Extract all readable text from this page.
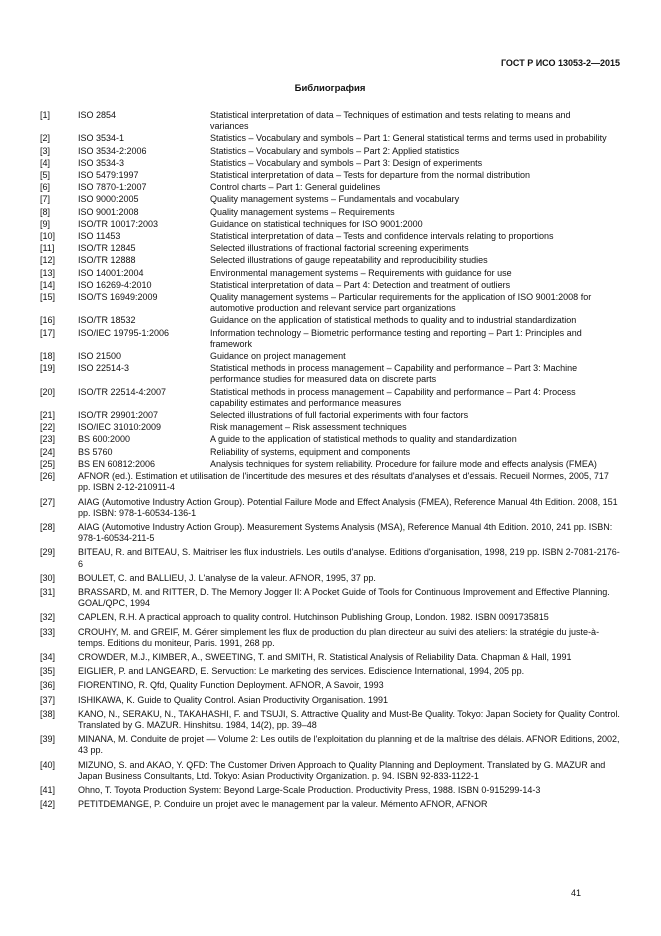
ГОСТ Р ИСО 13053-2—2015
Библиография
[1]	ISO 2854	Statistical interpretation of data – Techniques of estimation and tests relating to means and variances
[2]	ISO 3534-1	Statistics – Vocabulary and symbols – Part 1: General statistical terms and terms used in probability
[3]	ISO 3534-2:2006	Statistics – Vocabulary and symbols – Part 2: Applied statistics
[4]	ISO 3534-3	Statistics – Vocabulary and symbols – Part 3: Design of experiments
[5]	ISO 5479:1997	Statistical interpretation of data – Tests for departure from the normal distribution
[6]	ISO 7870-1:2007	Control charts – Part 1: General guidelines
[7]	ISO 9000:2005	Quality management systems – Fundamentals and vocabulary
[8]	ISO 9001:2008	Quality management systems – Requirements
[9]	ISO/TR 10017:2003	Guidance on statistical techniques for ISO 9001:2000
[10]	ISO 11453	Statistical interpretation of data – Tests and confidence intervals relating to proportions
[11]	ISO/TR 12845	Selected illustrations of fractional factorial screening experiments
[12]	ISO/TR 12888	Selected illustrations of gauge repeatability and reproducibility studies
[13]	ISO 14001:2004	Environmental management systems – Requirements with guidance for use
[14]	ISO 16269-4:2010	Statistical interpretation of data – Part 4: Detection and treatment of outliers
[15]	ISO/TS 16949:2009	Quality management systems – Particular requirements for the application of ISO 9001:2008 for automotive production and relevant service part organizations
[16]	ISO/TR 18532	Guidance on the application of statistical methods to quality and to industrial standardization
[17]	ISO/IEC 19795-1:2006	Information technology – Biometric performance testing and reporting – Part 1: Principles and framework
[18]	ISO 21500	Guidance on project management
[19]	ISO 22514-3	Statistical methods in process management – Capability and performance – Part 3: Machine performance studies for measured data on discrete parts
[20]	ISO/TR 22514-4:2007	Statistical methods in process management – Capability and performance – Part 4: Process capability estimates and performance measures
[21]	ISO/TR 29901:2007	Selected illustrations of full factorial experiments with four factors
[22]	ISO/IEC 31010:2009	Risk management – Risk assessment techniques
[23]	BS 600:2000	A guide to the application of statistical methods to quality and standardization
[24]	BS 5760	Reliability of systems, equipment and components
[25]	BS EN 60812:2006	Analysis techniques for system reliability. Procedure for failure mode and effects analysis (FMEA)
[26]	AFNOR (ed.). Estimation et utilisation de l'incertitude des mesures et des résultats d'analyses et d'essais. Recueil Normes, 2005, 717 pp. ISBN 2-12-210911-4
[27]	AIAG (Automotive Industry Action Group). Potential Failure Mode and Effect Analysis (FMEA), Reference Manual 4th Edition. 2008, 151 pp. ISBN: 978-1-60534-136-1
[28]	AIAG (Automotive Industry Action Group). Measurement Systems Analysis (MSA), Reference Manual 4th Edition. 2010, 241 pp. ISBN: 978-1-60534-211-5
[29]	BITEAU, R. and BITEAU, S. Maitriser les flux industriels. Les outils d'analyse. Editions d'organisation, 1998, 219 pp. ISBN 2-7081-2176-6
[30]	BOULET, C. and BALLIEU, J. L'analyse de la valeur. AFNOR, 1995, 37 pp.
[31]	BRASSARD, M. and RITTER, D. The Memory Jogger II: A Pocket Guide of Tools for Continuous Improvement and Effective Planning. GOAL/QPC, 1994
[32]	CAPLEN, R.H. A practical approach to quality control. Hutchinson Publishing Group, London. 1982. ISBN 0091735815
[33]	CROUHY, M. and GREIF, M. Gérer simplement les flux de production du plan directeur au suivi des ateliers: la stratégie du juste-à-temps. Editions du moniteur, Paris. 1991, 268 pp.
[34]	CROWDER, M.J., KIMBER, A., SWEETING, T. and SMITH, R. Statistical Analysis of Reliability Data. Chapman & Hall, 1991
[35]	EIGLIER, P. and LANGEARD, E. Servuction: Le marketing des services. Ediscience International, 1994, 205 pp.
[36]	FIORENTINO, R. Qfd, Quality Function Deployment. AFNOR, A Savoir, 1993
[37]	ISHIKAWA, K. Guide to Quality Control. Asian Productivity Organisation. 1991
[38]	KANO, N., SERAKU, N., TAKAHASHI, F. and TSUJI, S. Attractive Quality and Must-Be Quality. Tokyo: Japan Society for Quality Control. Translated by G. MAZUR. Hinshitsu. 1984, 14(2), pp. 39–48
[39]	MINANA, M. Conduite de projet — Volume 2: Les outils de l'exploitation du planning et de la maîtrise des délais. AFNOR Editions, 2002, 43 pp.
[40]	MIZUNO, S. and AKAO, Y. QFD: The Customer Driven Approach to Quality Planning and Deployment. Translated by G. MAZUR and Japan Business Consultants, Ltd. Tokyo: Asian Productivity Organization. p. 94. ISBN 92-833-1122-1
[41]	Ohno, T. Toyota Production System: Beyond Large-Scale Production. Productivity Press, 1988. ISBN 0-915299-14-3
[42]	PETITDEMANGE, P. Conduire un projet avec le management par la valeur. Mémento AFNOR, AFNOR
41
